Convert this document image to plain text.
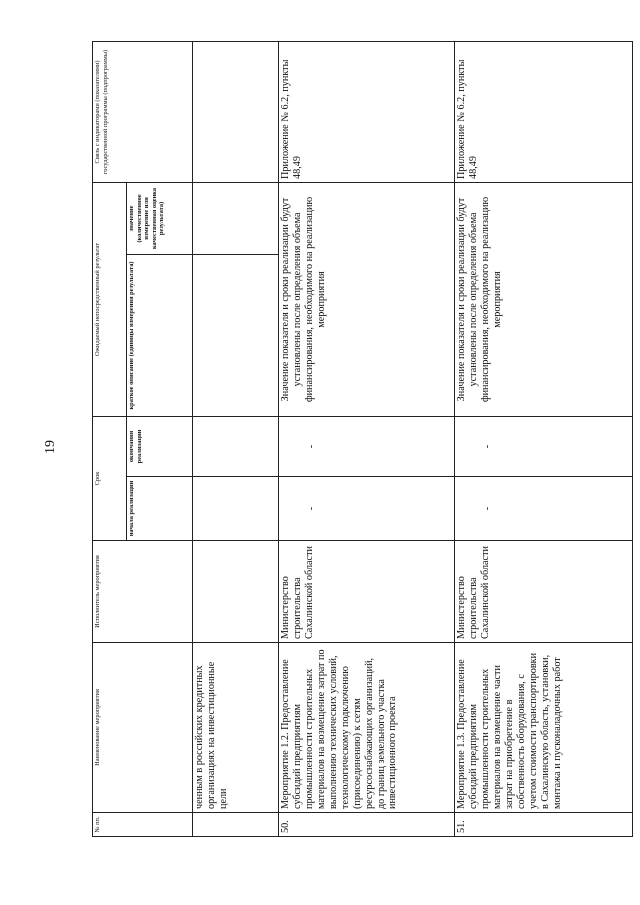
19
№ пп.	Наименование мероприятия	Исполнитель мероприятия	Срок		Ожидаемый непосредственный результат		Связь с индикаторами (показателями) государственной программы (подпрограммы)
			начала реализации	окончания реализации	краткое описание (единицы измерения результата)	значение (количественное измерение или качественная оценка результата)	
	ченным в российских кредитных организациях на инвестиционные цели						
50.	Мероприятие 1.2. Предоставление субсидий предприятиям промышленности строительных материалов на возмещение затрат по выполнению технических условий, технологическому подключению (присоединению) к сетям ресурсоснабжающих организаций, до границ земельного участка инвестиционного проекта	Министерство строительства Сахалинской области	-	-	Значение показателя и сроки реализации будут установлены после определения объема финансирования, необходимого на реализацию мероприятия		Приложение № 6.2, пункты 48,49
51.	Мероприятие 1.3. Предоставление субсидий предприятиям промышленности строительных материалов на возмещение части затрат на приобретение в собственность оборудования, с учетом стоимости транспортировки в Сахалинскую область, установки, монтажа и пусконаладочных работ	Министерство строительства Сахалинской области	-	-	Значение показателя и сроки реализации будут установлены после определения объема финансирования, необходимого на реализацию мероприятия		Приложение № 6.2, пункты 48,49
